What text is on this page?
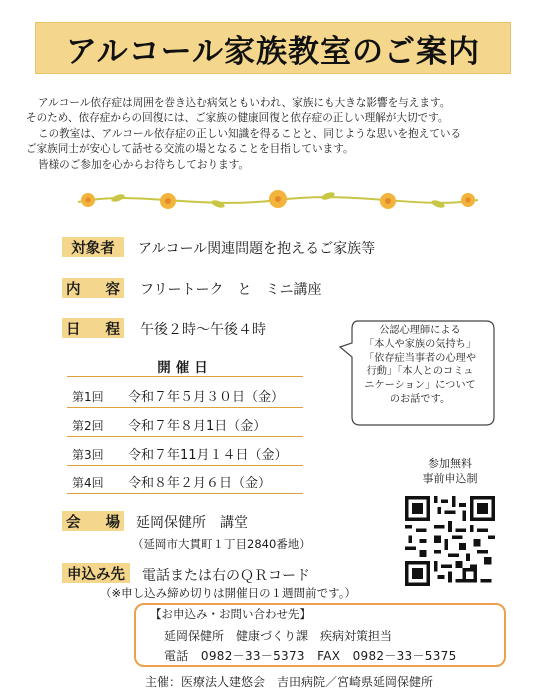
アルコール家族教室のご案内
アルコール依存症は周囲を巻き込む病気ともいわれ、家族にも大きな影響を与えます。
そのため、依存症からの回復には、ご家族の健康回復と依存症の正しい理解が大切です。
この教室は、アルコール依存症の正しい知識を得ることと、同じような思いを抱えている
ご家族同士が安心して話せる交流の場となることを目指しています。
皆様のご参加を心からお待ちしております。
対象者 アルコール関連問題を抱えるご家族等
内 容 フリートーク　と　ミニ講座
日 程 午後２時〜午後４時
開催日
第1回 令和７年５月３０日（金）
第2回 令和７年８月1日（金）
第3回 令和７年11月１４日（金）
第4回 令和８年２月６日（金）
公認心理師による
「本人や家族の気持ち」
「依存症当事者の心理や
行動」「本人とのコミュ
ニケーション」について
のお話です。
参加無料
事前申込制
会 場 延岡保健所　講堂
（延岡市大貫町１丁目2840番地）
申込み先 電話または右のＱＲコード
（※申し込み締め切りは開催日の１週間前です。）
【お申込み・お問い合わせ先】
延岡保健所　健康づくり課　疾病対策担当
電話　0982－33－5373　FAX　0982－33－5375
主催：医療法人建悠会　吉田病院／宮崎県延岡保健所
